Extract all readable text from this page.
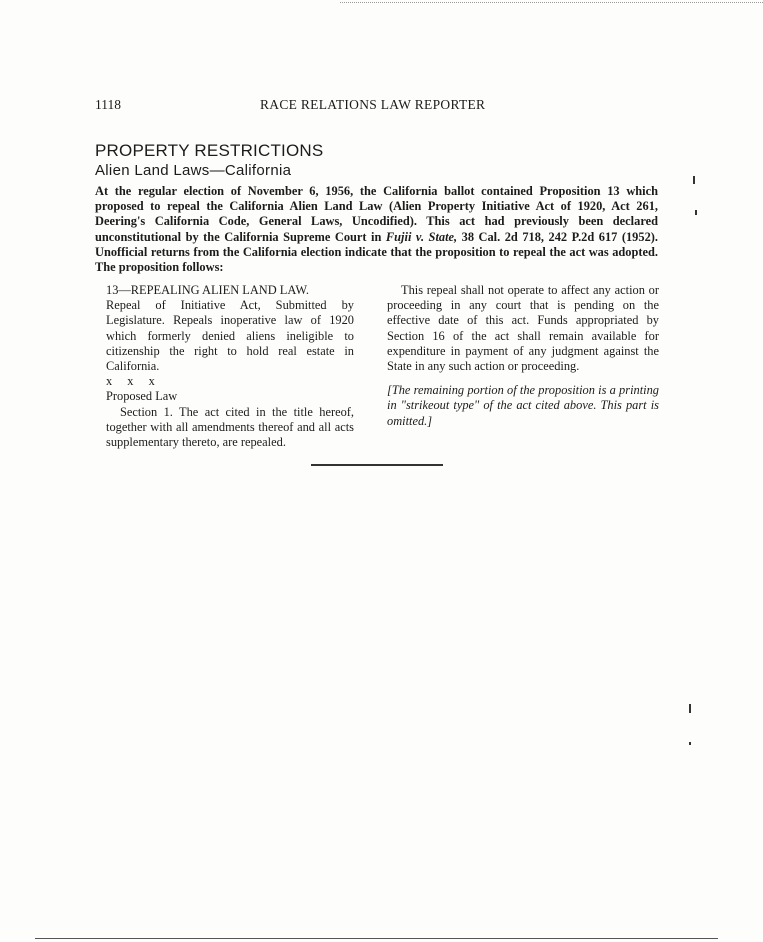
1118	RACE RELATIONS LAW REPORTER
PROPERTY RESTRICTIONS
Alien Land Laws—California

At the regular election of November 6, 1956, the California ballot contained Proposition 13 which proposed to repeal the California Alien Land Law (Alien Property Initiative Act of 1920, Act 261, Deering's California Code, General Laws, Uncodified). This act had previously been declared unconstitutional by the California Supreme Court in Fujii v. State, 38 Cal. 2d 718, 242 P.2d 617 (1952). Unofficial returns from the California election indicate that the proposition to repeal the act was adopted. The proposition follows:

13—REPEALING ALIEN LAND LAW.

Repeal of Initiative Act, Submitted by Legislature. Repeals inoperative law of 1920 which formerly denied aliens ineligible to citizenship the right to hold real estate in California.

x x x

Proposed Law

Section 1. The act cited in the title hereof, together with all amendments thereof and all acts supplementary thereto, are repealed.

This repeal shall not operate to affect any action or proceeding in any court that is pending on the effective date of this act. Funds appropriated by Section 16 of the act shall remain available for expenditure in payment of any judgment against the State in any such action or proceeding.

[The remaining portion of the proposition is a printing in "strikeout type" of the act cited above. This part is omitted.]
